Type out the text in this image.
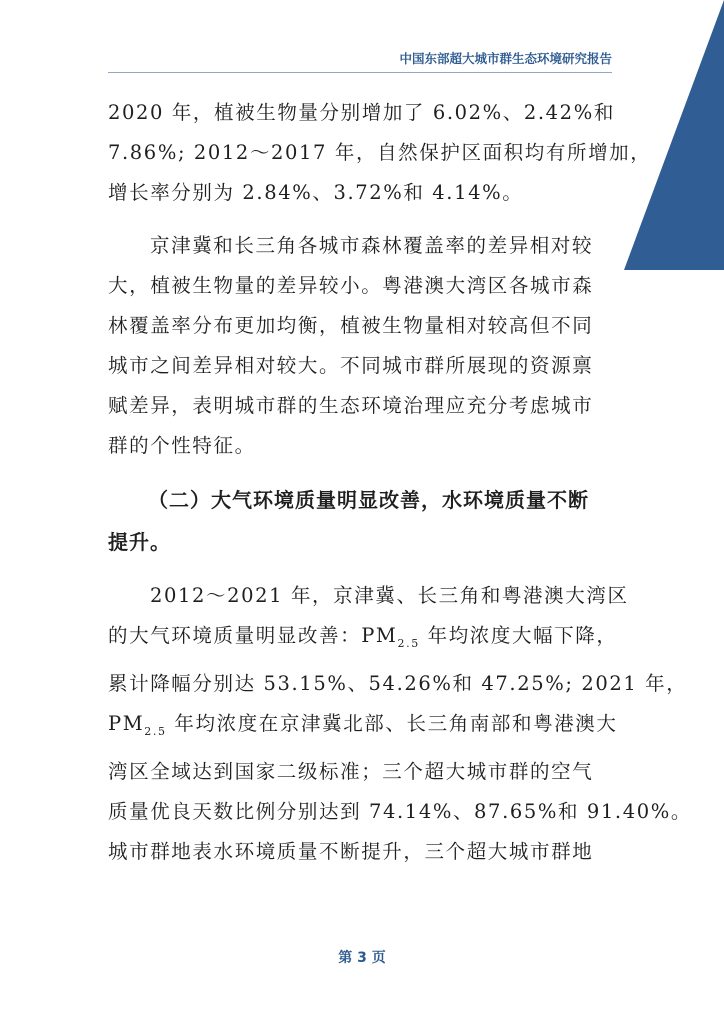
中国东部超大城市群生态环境研究报告

2020 年，植被生物量分别增加了 6.02%、2.42%和
7.86%; 2012～2017 年，自然保护区面积均有所增加，
增长率分别为 2.84%、3.72%和 4.14%。

京津冀和长三角各城市森林覆盖率的差异相对较
大，植被生物量的差异较小。粤港澳大湾区各城市森
林覆盖率分布更加均衡，植被生物量相对较高但不同
城市之间差异相对较大。不同城市群所展现的资源禀
赋差异，表明城市群的生态环境治理应充分考虑城市
群的个性特征。

（二）大气环境质量明显改善，水环境质量不断
提升。

2012～2021 年，京津冀、长三角和粤港澳大湾区
的大气环境质量明显改善：$PM_{2.5}$ 年均浓度大幅下降，
累计降幅分别达 53.15%、54.26%和 47.25%; 2021 年，
$PM_{2.5}$ 年均浓度在京津冀北部、长三角南部和粤港澳大
湾区全域达到国家二级标准；三个超大城市群的空气
质量优良天数比例分别达到 74.14%、87.65%和 91.40%。
城市群地表水环境质量不断提升，三个超大城市群地

第 3 页
